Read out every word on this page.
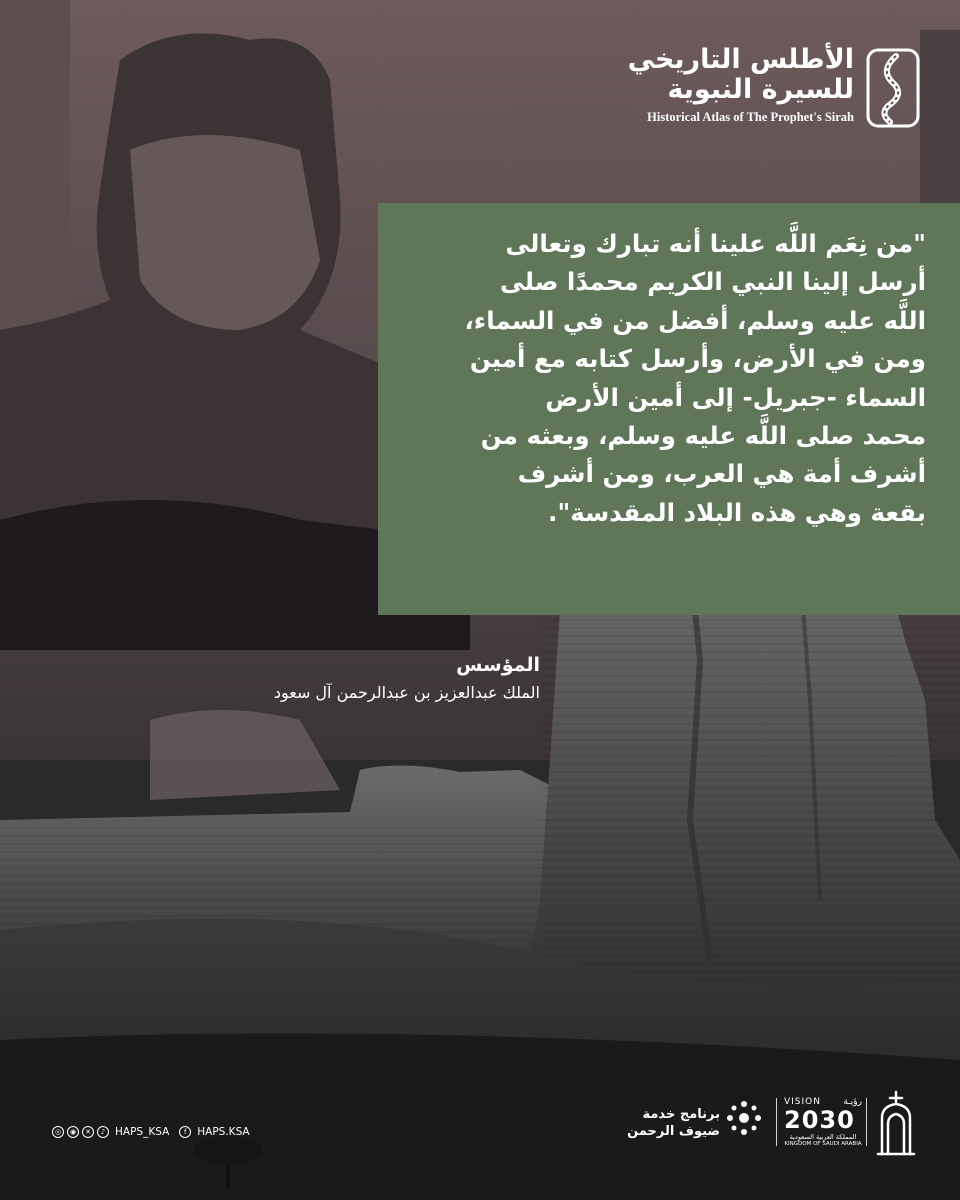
الأطلس التاريخي
للسيرة النبوية
Historical Atlas of The Prophet's Sirah

"من نِعَم اللَّه علينا أنه تبارك وتعالى

أرسل إلينا النبي الكريم محمدًا صلى

اللَّه عليه وسلم، أفضل من في السماء،

ومن في الأرض، وأرسل كتابه مع أمين

السماء -جبريل- إلى أمين الأرض

محمد صلى اللَّه عليه وسلم، وبعثه من

أشرف أمة هي العرب، ومن أشرف

بقعة وهي هذه البلاد المقدسة".

المؤسس
الملك عبدالعزيز بن عبدالرحمن آل سعود
◎	◉	✕	♪ HAPS_KSA	f	HAPS.KSA
برنامج خدمة
ضيوف الرحمن
VISION رؤيـة
2030
المملكة العربية السعودية
KINGDOM OF SAUDI ARABIA
